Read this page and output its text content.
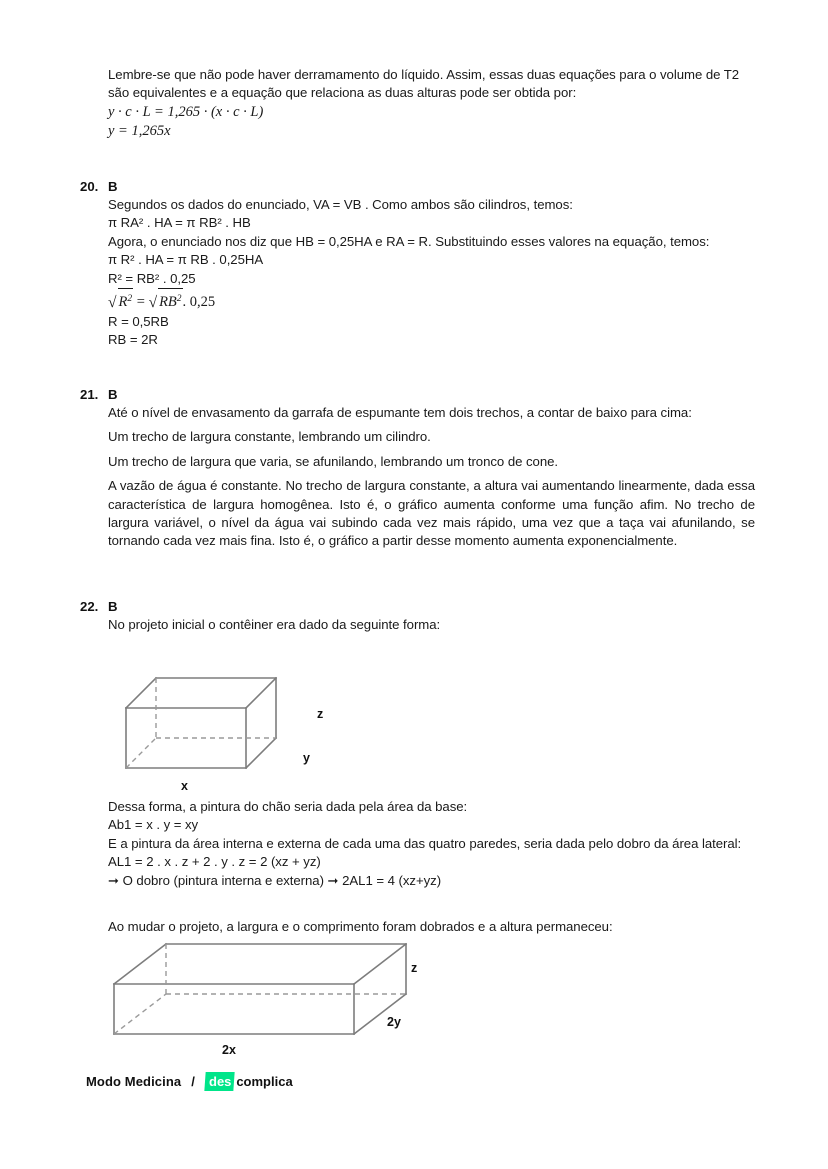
Lembre-se que não pode haver derramamento do líquido. Assim, essas duas equações para o volume de T2 são equivalentes e a equação que relaciona as duas alturas pode ser obtida por:

y · c · L = 1,265 · (x · c · L)
y = 1,265x
20. B

Segundos os dados do enunciado, VA = VB . Como ambos são cilindros, temos:

π RA² . HA = π RB² . HB

Agora, o enunciado nos diz que HB = 0,25HA e RA = R. Substituindo esses valores na equação, temos:

π R² . HA = π RB . 0,25HA

R² = RB² . 0,25

√ $R^2$ = √ $RB^2$. 0,25

R = 0,5RB

RB = 2R

21. B

Até o nível de envasamento da garrafa de espumante tem dois trechos, a contar de baixo para cima:

Um trecho de largura constante, lembrando um cilindro.

Um trecho de largura que varia, se afunilando, lembrando um tronco de cone.

A vazão de água é constante. No trecho de largura constante, a altura vai aumentando linearmente, dada essa característica de largura homogênea. Isto é, o gráfico aumenta conforme uma função afim. No trecho de largura variável, o nível da água vai subindo cada vez mais rápido, uma vez que a taça vai afunilando, se tornando cada vez mais fina. Isto é, o gráfico a partir desse momento aumenta exponencialmente.

22. B

No projeto inicial o contêiner era dado da seguinte forma:

z
y
x

Dessa forma, a pintura do chão seria dada pela área da base:

Ab1 = x . y = xy

E a pintura da área interna e externa de cada uma das quatro paredes, seria dada pelo dobro da área lateral:

AL1 = 2 . x . z + 2 . y . z = 2 (xz + yz)

➞ O dobro (pintura interna e externa) ➞ 2AL1 = 4 (xz+yz)

Ao mudar o projeto, a largura e o comprimento foram dobrados e a altura permaneceu:

z
2y
2x
Modo Medicina /	des complica
